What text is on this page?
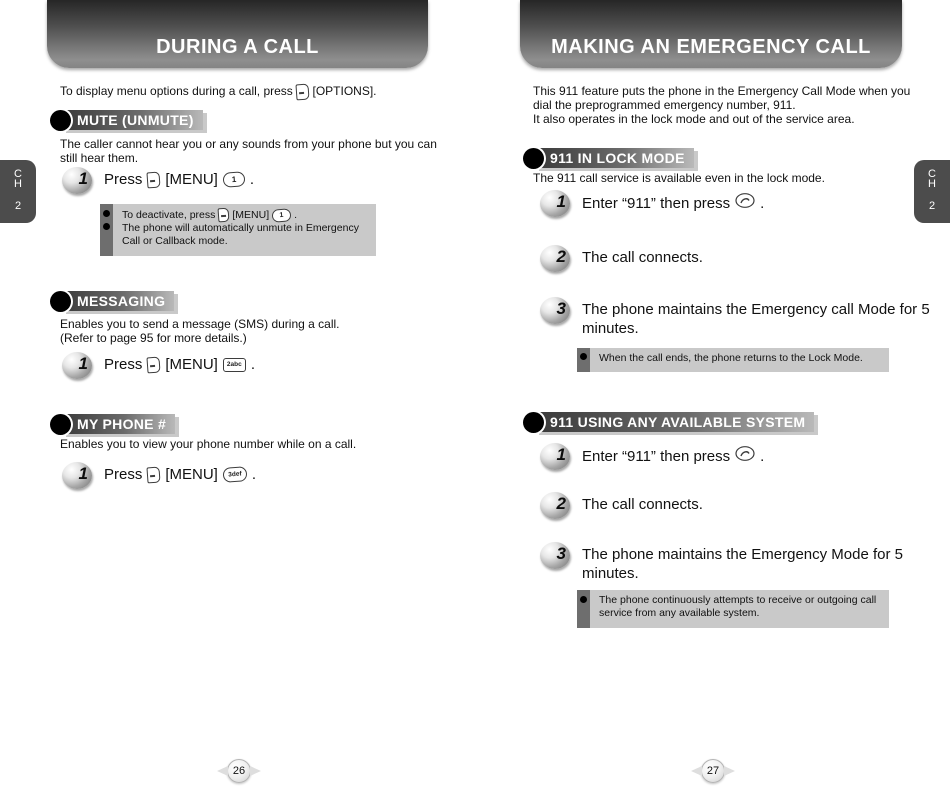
DURING A CALL	MAKING AN EMERGENCY CALL
C
H
2
C
H
2
To display menu options during a call, press [OPTIONS].
MUTE (UNMUTE)
The caller cannot hear you or any sounds from your phone but you can still hear them.
1 Press [MENU]	1 .
To deactivate, press [MENU]	1 .
The phone will automatically unmute in Emergency Call or Callback mode.
MESSAGING
Enables you to send a message (SMS) during a call.
(Refer to page 95 for more details.)
1 Press [MENU]	2abc .
MY PHONE #
Enables you to view your phone number while on a call.
1 Press [MENU]	3def .
This 911 feature puts the phone in the Emergency Call Mode when you dial the preprogrammed emergency number, 911.
It also operates in the lock mode and out of the service area.
911 IN LOCK MODE
The 911 call service is available even in the lock mode.
1 Enter “911” then press .
2 The call connects.
3 The phone maintains the Emergency call Mode for 5 minutes.
When the call ends, the phone returns to the Lock Mode.
911 USING ANY AVAILABLE SYSTEM
1 Enter “911” then press .
2 The call connects.
3 The phone maintains the Emergency Mode for 5 minutes.
The phone continuously attempts to receive or outgoing call service from any available system.
26	27
